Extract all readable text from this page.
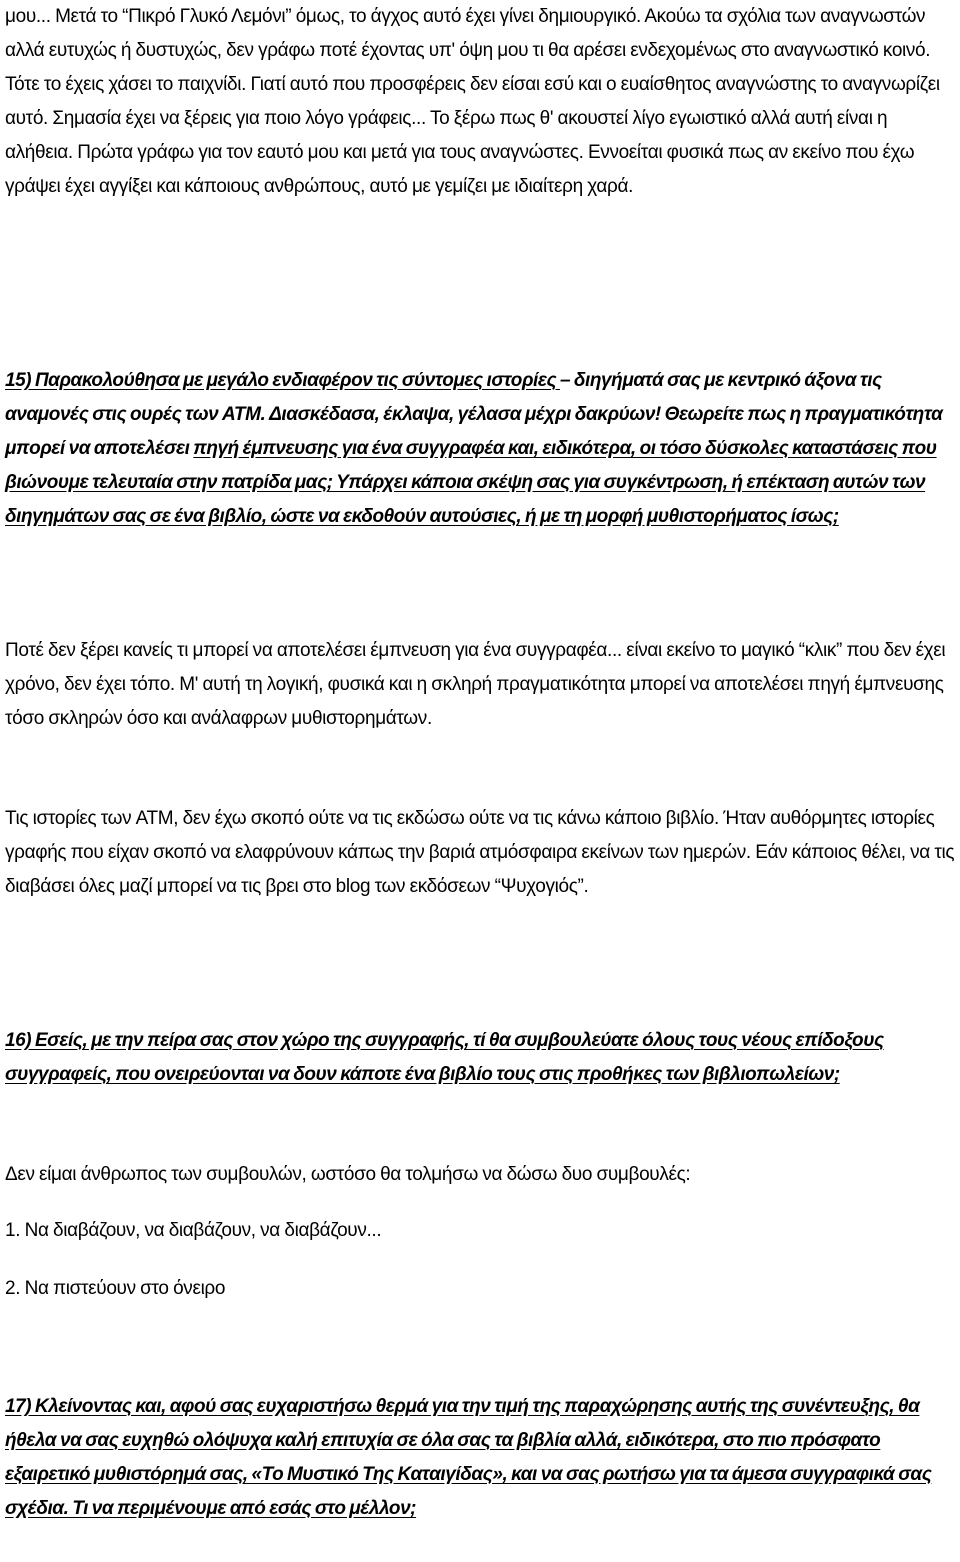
μου... Μετά το “Πικρό Γλυκό Λεμόνι” όμως, το άγχος αυτό έχει γίνει δημιουργικό. Ακούω τα σχόλια των αναγνωστών αλλά ευτυχώς ή δυστυχώς, δεν γράφω ποτέ έχοντας υπ' όψη μου τι θα αρέσει ενδεχομένως στο αναγνωστικό κοινό. Τότε το έχεις χάσει το παιχνίδι. Γιατί αυτό που προσφέρεις δεν είσαι εσύ και ο ευαίσθητος αναγνώστης το αναγνωρίζει αυτό. Σημασία έχει να ξέρεις για ποιο λόγο γράφεις... Το ξέρω πως θ' ακουστεί λίγο εγωιστικό αλλά αυτή είναι η αλήθεια. Πρώτα γράφω για τον εαυτό μου και μετά για τους αναγνώστες. Εννοείται φυσικά πως αν εκείνο που έχω γράψει έχει αγγίξει και κάποιους ανθρώπους, αυτό με γεμίζει με ιδιαίτερη χαρά.

15) Παρακολούθησα με μεγάλο ενδιαφέρον τις σύντομες ιστορίες – διηγήματά σας με κεντρικό άξονα τις αναμονές στις ουρές των ATM. Διασκέδασα, έκλαψα, γέλασα μέχρι δακρύων! Θεωρείτε πως η πραγματικότητα μπορεί να αποτελέσει πηγή έμπνευσης για ένα συγγραφέα και, ειδικότερα, οι τόσο δύσκολες καταστάσεις που βιώνουμε τελευταία στην πατρίδα μας; Υπάρχει κάποια σκέψη σας για συγκέντρωση, ή επέκταση αυτών των διηγημάτων σας σε ένα βιβλίο, ώστε να εκδοθούν αυτούσιες, ή με τη μορφή μυθιστορήματος ίσως;

Ποτέ δεν ξέρει κανείς τι μπορεί να αποτελέσει έμπνευση για ένα συγγραφέα... είναι εκείνο το μαγικό “κλικ” που δεν έχει χρόνο, δεν έχει τόπο. Μ' αυτή τη λογική, φυσικά και η σκληρή πραγματικότητα μπορεί να αποτελέσει πηγή έμπνευσης τόσο σκληρών όσο και ανάλαφρων μυθιστορημάτων.

Τις ιστορίες των ATM, δεν έχω σκοπό ούτε να τις εκδώσω ούτε να τις κάνω κάποιο βιβλίο. Ήταν αυθόρμητες ιστορίες γραφής που είχαν σκοπό να ελαφρύνουν κάπως την βαριά ατμόσφαιρα εκείνων των ημερών. Εάν κάποιος θέλει, να τις διαβάσει όλες μαζί μπορεί να τις βρει στο blog των εκδόσεων “Ψυχογιός”.

16) Εσείς, με την πείρα σας στον χώρο της συγγραφής, τί θα συμβουλεύατε όλους τους νέους επίδοξους συγγραφείς, που ονειρεύονται να δουν κάποτε ένα βιβλίο τους στις προθήκες των βιβλιοπωλείων;

Δεν είμαι άνθρωπος των συμβουλών, ωστόσο θα τολμήσω να δώσω δυο συμβουλές:

1. Να διαβάζουν, να διαβάζουν, να διαβάζουν...

2. Να πιστεύουν στο όνειρο

17) Κλείνοντας και, αφού σας ευχαριστήσω θερμά για την τιμή της παραχώρησης αυτής της συνέντευξης, θα ήθελα να σας ευχηθώ ολόψυχα καλή επιτυχία σε όλα σας τα βιβλία αλλά, ειδικότερα, στο πιο πρόσφατο εξαιρετικό μυθιστόρημά σας, «Το Μυστικό Της Καταιγίδας», και να σας ρωτήσω για τα άμεσα συγγραφικά σας σχέδια. Τι να περιμένουμε από εσάς στο μέλλον;
